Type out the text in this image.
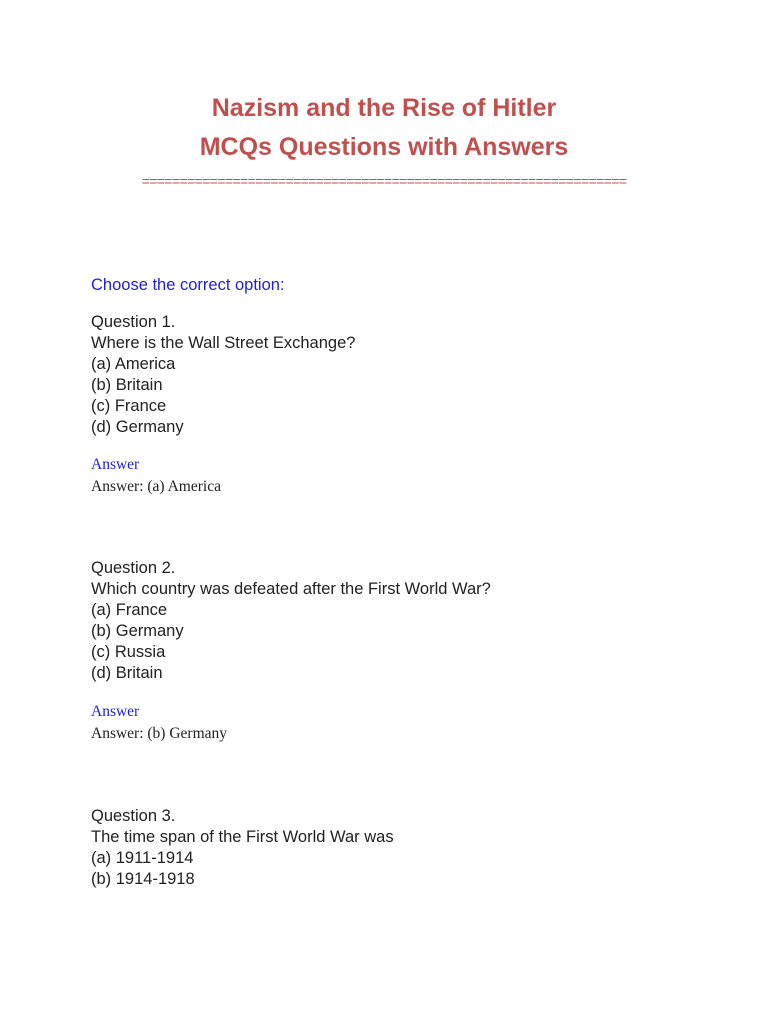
Nazism and the Rise of Hitler
MCQs Questions with Answers
================================================================

Choose the correct option:

Question 1.
Where is the Wall Street Exchange?
(a) America
(b) Britain
(c) France
(d) Germany
Answer
Answer: (a) America
Question 2.
Which country was defeated after the First World War?
(a) France
(b) Germany
(c) Russia
(d) Britain
Answer
Answer: (b) Germany
Question 3.
The time span of the First World War was
(a) 1911-1914
(b) 1914-1918
